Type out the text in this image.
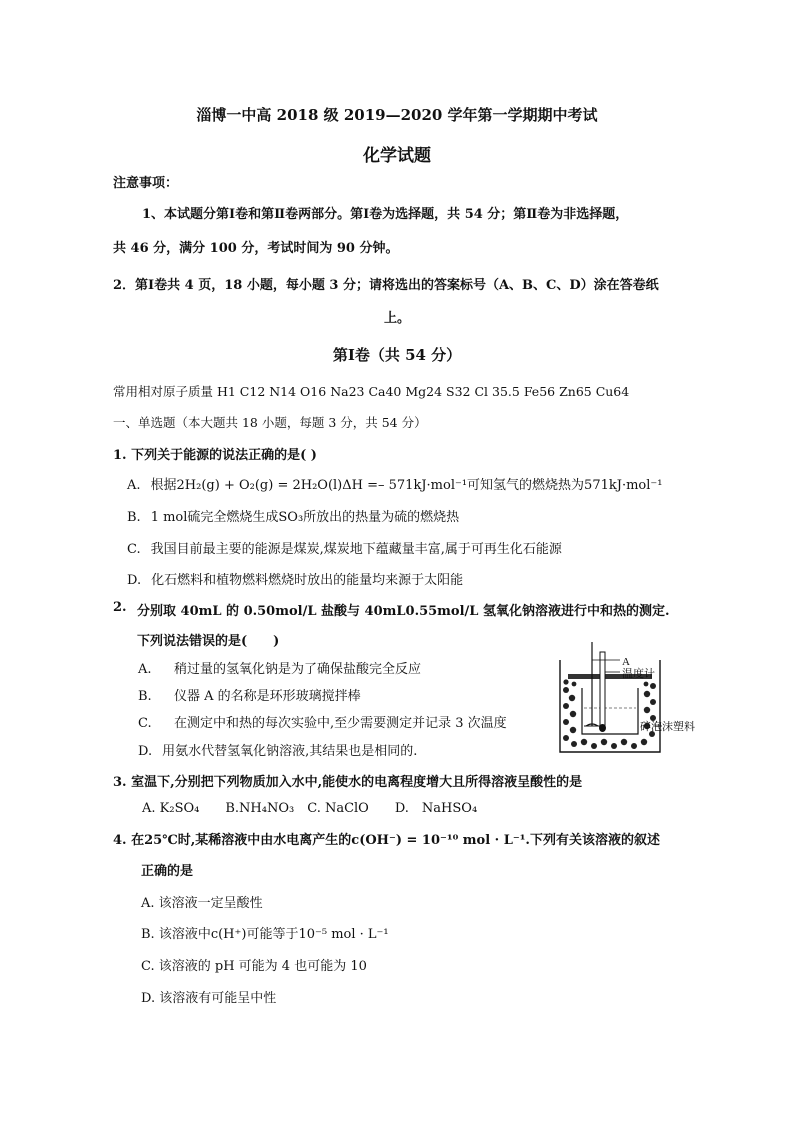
淄博一中高 2018 级 2019—2020 学年第一学期期中考试
化学试题
注意事项：
1、本试题分第Ⅰ卷和第Ⅱ卷两部分。第Ⅰ卷为选择题，共 54 分；第Ⅱ卷为非选择题，
共 46 分，满分 100 分，考试时间为 90 分钟。
2．第Ⅰ卷共 4 页，18 小题，每小题 3 分；请将选出的答案标号（A、B、C、D）涂在答卷纸
上。
第Ⅰ卷（共 54 分）
常用相对原子质量 H1 C12 N14 O16 Na23 Ca40 Mg24 S32 Cl 35.5 Fe56 Zn65 Cu64
一、单选题（本大题共 18 小题，每题 3 分，共 54 分）
1. 下列关于能源的说法正确的是( )
A. 根据2H₂(g) + O₂(g) = 2H₂O(l)ΔH =– 571kJ·mol⁻¹可知氢气的燃烧热为571kJ·mol⁻¹
B. 1 mol硫完全燃烧生成SO₃所放出的热量为硫的燃烧热
C. 我国目前最主要的能源是煤炭,煤炭地下蕴藏量丰富,属于可再生化石能源
D. 化石燃料和植物燃料燃烧时放出的能量均来源于太阳能
2. 分别取 40mL 的 0.50mol/L 盐酸与 40mL0.55mol/L 氢氧化钠溶液进行中和热的测定.
下列说法错误的是(　　)
A. 稍过量的氢氧化钠是为了确保盐酸完全反应
B. 仪器 A 的名称是环形玻璃搅拌棒
C. 在测定中和热的每次实验中,至少需要测定并记录 3 次温度
D. 用氨水代替氢氧化钠溶液,其结果也是相同的.
A
温度计
碎泡沫塑料
3. 室温下,分别把下列物质加入水中,能使水的电离程度增大且所得溶液呈酸性的是
A. K₂SO₄　　B.NH₄NO₃　C. NaClO　　D.　NaHSO₄
4. 在25℃时,某稀溶液中由水电离产生的c(OH⁻) = 10⁻¹⁰ mol · L⁻¹.下列有关该溶液的叙述
正确的是
A. 该溶液一定呈酸性
B. 该溶液中c(H⁺)可能等于10⁻⁵ mol · L⁻¹
C. 该溶液的 pH 可能为 4 也可能为 10
D. 该溶液有可能呈中性
